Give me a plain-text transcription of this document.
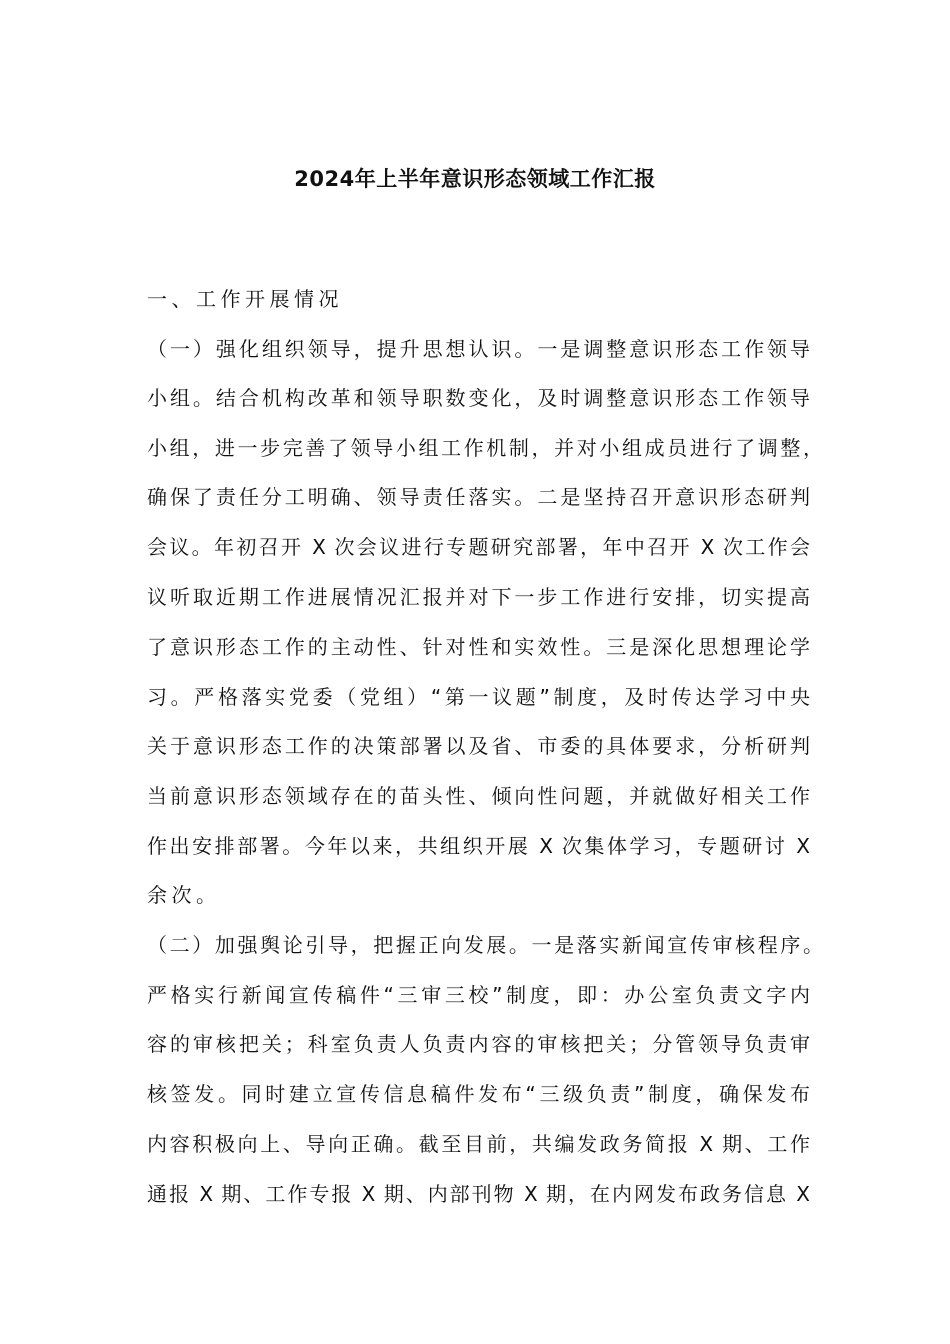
2024年上半年意识形态领域工作汇报
一、工作开展情况
（一）强化组织领导，提升思想认识。一是调整意识形态工作领导
小组。结合机构改革和领导职数变化，及时调整意识形态工作领导
小组，进一步完善了领导小组工作机制，并对小组成员进行了调整，
确保了责任分工明确、领导责任落实。二是坚持召开意识形态研判
会议。年初召开 X 次会议进行专题研究部署，年中召开 X 次工作会
议听取近期工作进展情况汇报并对下一步工作进行安排，切实提高
了意识形态工作的主动性、针对性和实效性。三是深化思想理论学
习。严格落实党委（党组）“第一议题”制度，及时传达学习中央
关于意识形态工作的决策部署以及省、市委的具体要求，分析研判
当前意识形态领域存在的苗头性、倾向性问题，并就做好相关工作
作出安排部署。今年以来，共组织开展 X 次集体学习，专题研讨 X
余次。
（二）加强舆论引导，把握正向发展。一是落实新闻宣传审核程序。
严格实行新闻宣传稿件“三审三校”制度，即：办公室负责文字内
容的审核把关；科室负责人负责内容的审核把关；分管领导负责审
核签发。同时建立宣传信息稿件发布“三级负责”制度，确保发布
内容积极向上、导向正确。截至目前，共编发政务简报 X 期、工作
通报 X 期、工作专报 X 期、内部刊物 X 期，在内网发布政务信息 X
